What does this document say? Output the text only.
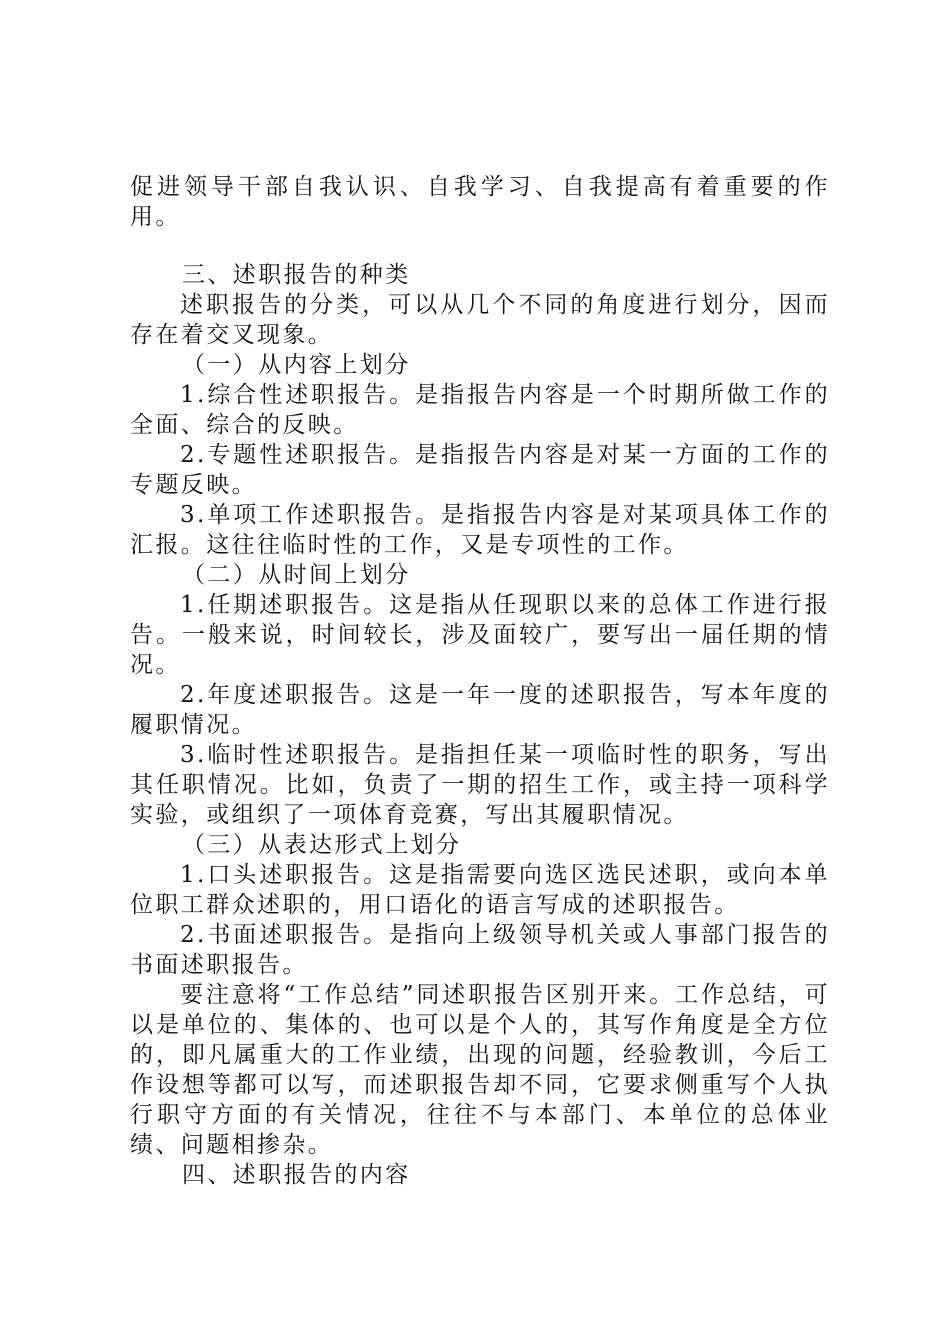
促进领导干部自我认识、自我学习、自我提高有着重要的作用。

三、述职报告的种类

述职报告的分类，可以从几个不同的角度进行划分，因而存在着交叉现象。

（一）从内容上划分

1.综合性述职报告。是指报告内容是一个时期所做工作的全面、综合的反映。

2.专题性述职报告。是指报告内容是对某一方面的工作的专题反映。

3.单项工作述职报告。是指报告内容是对某项具体工作的汇报。这往往临时性的工作，又是专项性的工作。

（二）从时间上划分

1.任期述职报告。这是指从任现职以来的总体工作进行报告。一般来说，时间较长，涉及面较广，要写出一届任期的情况。

2.年度述职报告。这是一年一度的述职报告，写本年度的履职情况。

3.临时性述职报告。是指担任某一项临时性的职务，写出其任职情况。比如，负责了一期的招生工作，或主持一项科学实验，或组织了一项体育竞赛，写出其履职情况。

（三）从表达形式上划分

1.口头述职报告。这是指需要向选区选民述职，或向本单位职工群众述职的，用口语化的语言写成的述职报告。

2.书面述职报告。是指向上级领导机关或人事部门报告的书面述职报告。

要注意将“工作总结”同述职报告区别开来。工作总结，可以是单位的、集体的、也可以是个人的，其写作角度是全方位的，即凡属重大的工作业绩，出现的问题，经验教训，今后工作设想等都可以写，而述职报告却不同，它要求侧重写个人执行职守方面的有关情况，往往不与本部门、本单位的总体业绩、问题相掺杂。

四、述职报告的内容
